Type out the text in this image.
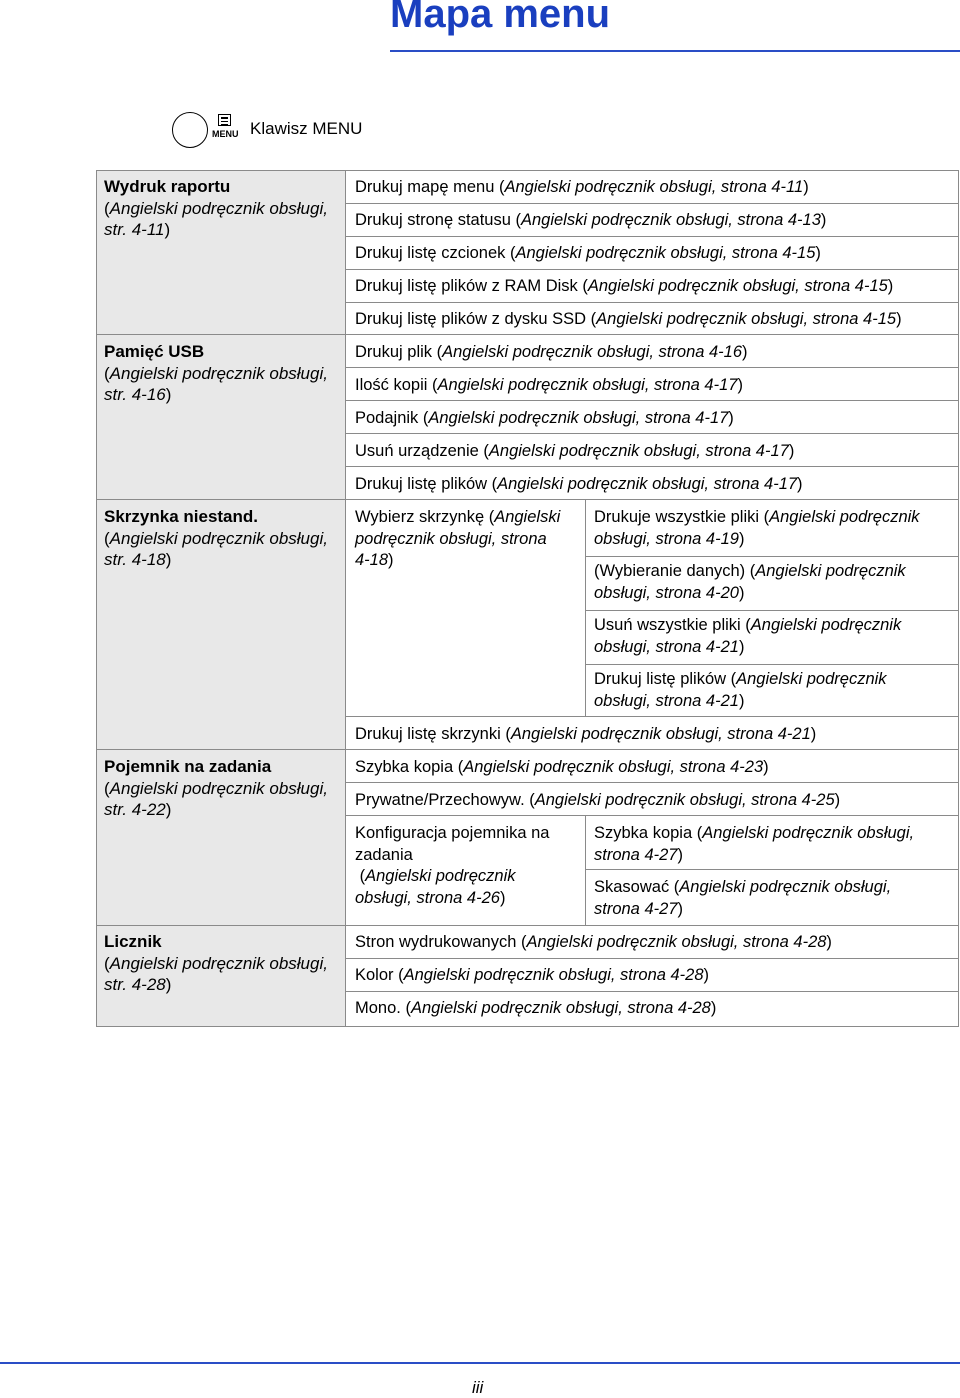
Mapa menu
MENU Klawisz MENU
Wydruk raportu
(Angielski podręcznik obsługi,
str. 4-11)
Pamięć USB
(Angielski podręcznik obsługi,
str. 4-16)
Skrzynka niestand.
(Angielski podręcznik obsługi,
str. 4-18)
Pojemnik na zadania
(Angielski podręcznik obsługi,
str. 4-22)
Licznik
(Angielski podręcznik obsługi,
str. 4-28)
Drukuj mapę menu (Angielski podręcznik obsługi, strona 4-11)
Drukuj stronę statusu (Angielski podręcznik obsługi, strona 4-13)
Drukuj listę czcionek (Angielski podręcznik obsługi, strona 4-15)
Drukuj listę plików z RAM Disk (Angielski podręcznik obsługi, strona 4-15)
Drukuj listę plików z dysku SSD (Angielski podręcznik obsługi, strona 4-15)
Drukuj plik (Angielski podręcznik obsługi, strona 4-16)
Ilość kopii (Angielski podręcznik obsługi, strona 4-17)
Podajnik (Angielski podręcznik obsługi, strona 4-17)
Usuń urządzenie (Angielski podręcznik obsługi, strona 4-17)
Drukuj listę plików (Angielski podręcznik obsługi, strona 4-17)
Wybierz skrzynkę (Angielski
podręcznik obsługi, strona
4-18)
Drukuje wszystkie pliki (Angielski podręcznik
obsługi, strona 4-19)
(Wybieranie danych) (Angielski podręcznik
obsługi, strona 4-20)
Usuń wszystkie pliki (Angielski podręcznik
obsługi, strona 4-21)
Drukuj listę plików (Angielski podręcznik
obsługi, strona 4-21)
Drukuj listę skrzynki (Angielski podręcznik obsługi, strona 4-21)
Szybka kopia (Angielski podręcznik obsługi, strona 4-23)
Prywatne/Przechowyw. (Angielski podręcznik obsługi, strona 4-25)
Konfiguracja pojemnika na
zadania
(Angielski podręcznik
obsługi, strona 4-26)
Szybka kopia (Angielski podręcznik obsługi,
strona 4-27)
Skasować (Angielski podręcznik obsługi,
strona 4-27)
Stron wydrukowanych (Angielski podręcznik obsługi, strona 4-28)
Kolor (Angielski podręcznik obsługi, strona 4-28)
Mono. (Angielski podręcznik obsługi, strona 4-28)
iii
